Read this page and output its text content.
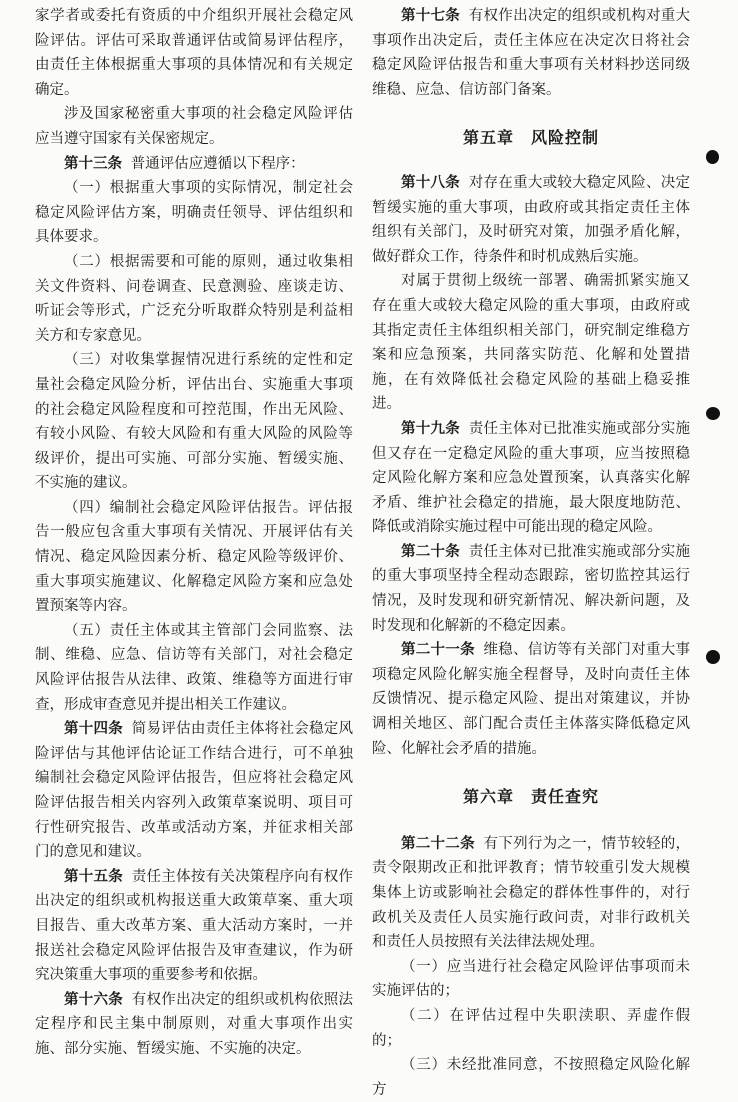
家学者或委托有资质的中介组织开展社会稳定风险评估。评估可采取普通评估或简易评估程序，由责任主体根据重大事项的具体情况和有关规定确定。

涉及国家秘密重大事项的社会稳定风险评估应当遵守国家有关保密规定。

第十三条 普通评估应遵循以下程序：

（一）根据重大事项的实际情况，制定社会稳定风险评估方案，明确责任领导、评估组织和具体要求。

（二）根据需要和可能的原则，通过收集相关文件资料、问卷调查、民意测验、座谈走访、听证会等形式，广泛充分听取群众特别是利益相关方和专家意见。

（三）对收集掌握情况进行系统的定性和定量社会稳定风险分析，评估出台、实施重大事项的社会稳定风险程度和可控范围，作出无风险、有较小风险、有较大风险和有重大风险的风险等级评价，提出可实施、可部分实施、暂缓实施、不实施的建议。

（四）编制社会稳定风险评估报告。评估报告一般应包含重大事项有关情况、开展评估有关情况、稳定风险因素分析、稳定风险等级评价、重大事项实施建议、化解稳定风险方案和应急处置预案等内容。

（五）责任主体或其主管部门会同监察、法制、维稳、应急、信访等有关部门，对社会稳定风险评估报告从法律、政策、维稳等方面进行审查，形成审查意见并提出相关工作建议。

第十四条 简易评估由责任主体将社会稳定风险评估与其他评估论证工作结合进行，可不单独编制社会稳定风险评估报告，但应将社会稳定风险评估报告相关内容列入政策草案说明、项目可行性研究报告、改革或活动方案，并征求相关部门的意见和建议。

第十五条 责任主体按有关决策程序向有权作出决定的组织或机构报送重大政策草案、重大项目报告、重大改革方案、重大活动方案时，一并报送社会稳定风险评估报告及审查建议，作为研究决策重大事项的重要参考和依据。

第十六条 有权作出决定的组织或机构依照法定程序和民主集中制原则，对重大事项作出实施、部分实施、暂缓实施、不实施的决定。

第十七条 有权作出决定的组织或机构对重大事项作出决定后，责任主体应在决定次日将社会稳定风险评估报告和重大事项有关材料抄送同级维稳、应急、信访部门备案。

第五章　风险控制

第十八条 对存在重大或较大稳定风险、决定暂缓实施的重大事项，由政府或其指定责任主体组织有关部门，及时研究对策，加强矛盾化解，做好群众工作，待条件和时机成熟后实施。

对属于贯彻上级统一部署、确需抓紧实施又存在重大或较大稳定风险的重大事项，由政府或其指定责任主体组织相关部门，研究制定维稳方案和应急预案，共同落实防范、化解和处置措施，在有效降低社会稳定风险的基础上稳妥推进。

第十九条 责任主体对已批准实施或部分实施但又存在一定稳定风险的重大事项，应当按照稳定风险化解方案和应急处置预案，认真落实化解矛盾、维护社会稳定的措施，最大限度地防范、降低或消除实施过程中可能出现的稳定风险。

第二十条 责任主体对已批准实施或部分实施的重大事项坚持全程动态跟踪，密切监控其运行情况，及时发现和研究新情况、解决新问题，及时发现和化解新的不稳定因素。

第二十一条 维稳、信访等有关部门对重大事项稳定风险化解实施全程督导，及时向责任主体反馈情况、提示稳定风险、提出对策建议，并协调相关地区、部门配合责任主体落实降低稳定风险、化解社会矛盾的措施。

第六章　责任查究

第二十二条 有下列行为之一，情节较轻的，责令限期改正和批评教育；情节较重引发大规模集体上访或影响社会稳定的群体性事件的，对行政机关及责任人员实施行政问责，对非行政机关和责任人员按照有关法律法规处理。

（一）应当进行社会稳定风险评估事项而未实施评估的；

（二）在评估过程中失职渎职、弄虚作假的；

（三）未经批准同意，不按照稳定风险化解方
